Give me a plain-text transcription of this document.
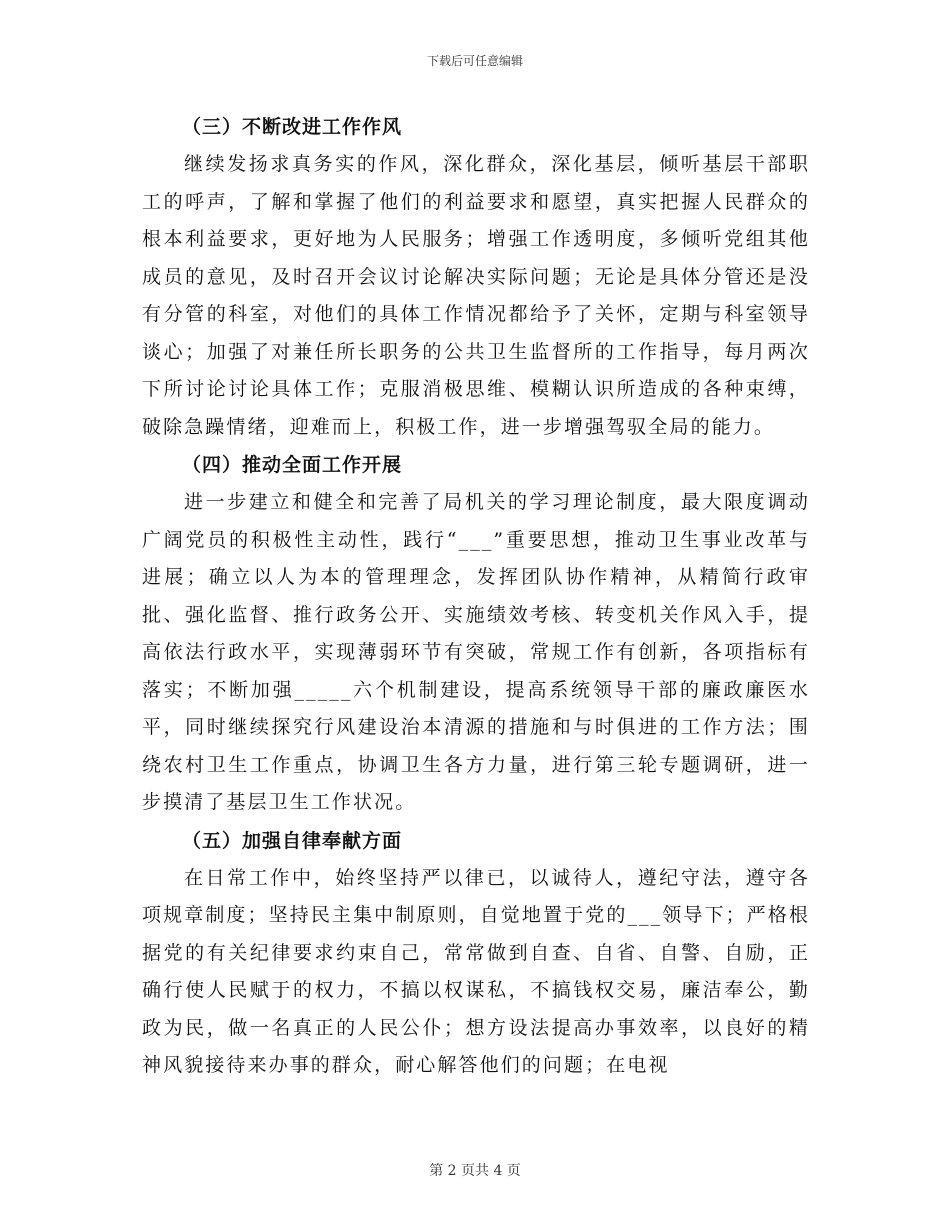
下载后可任意编辑
（三）不断改进工作作风

继续发扬求真务实的作风，深化群众，深化基层，倾听基层干部职工的呼声，了解和掌握了他们的利益要求和愿望，真实把握人民群众的根本利益要求，更好地为人民服务；增强工作透明度，多倾听党组其他成员的意见，及时召开会议讨论解决实际问题；无论是具体分管还是没有分管的科室，对他们的具体工作情况都给予了关怀，定期与科室领导谈心；加强了对兼任所长职务的公共卫生监督所的工作指导，每月两次下所讨论讨论具体工作；克服消极思维、模糊认识所造成的各种束缚，破除急躁情绪，迎难而上，积极工作，进一步增强驾驭全局的能力。

（四）推动全面工作开展

进一步建立和健全和完善了局机关的学习理论制度，最大限度调动广阔党员的积极性主动性，践行“___”重要思想，推动卫生事业改革与进展；确立以人为本的管理理念，发挥团队协作精神，从精简行政审批、强化监督、推行政务公开、实施绩效考核、转变机关作风入手，提高依法行政水平，实现薄弱环节有突破，常规工作有创新，各项指标有落实；不断加强_____六个机制建设，提高系统领导干部的廉政廉医水平，同时继续探究行风建设治本清源的措施和与时俱进的工作方法；围绕农村卫生工作重点，协调卫生各方力量，进行第三轮专题调研，进一步摸清了基层卫生工作状况。

（五）加强自律奉献方面

在日常工作中，始终坚持严以律已，以诚待人，遵纪守法，遵守各项规章制度；坚持民主集中制原则，自觉地置于党的___领导下；严格根据党的有关纪律要求约束自己，常常做到自查、自省、自警、自励，正确行使人民赋于的权力，不搞以权谋私，不搞钱权交易，廉洁奉公，勤政为民，做一名真正的人民公仆；想方设法提高办事效率，以良好的精神风貌接待来办事的群众，耐心解答他们的问题；在电视

第 2 页共 4 页
